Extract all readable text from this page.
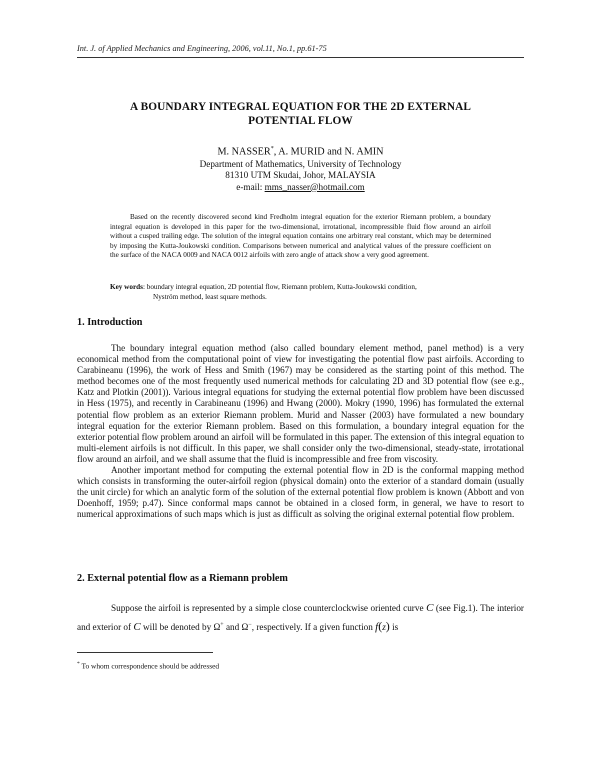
Int. J. of Applied Mechanics and Engineering, 2006, vol.11, No.1, pp.61-75
A BOUNDARY INTEGRAL EQUATION FOR THE 2D EXTERNAL
POTENTIAL FLOW
M. NASSER*, A. MURID and N. AMIN
Department of Mathematics, University of Technology
81310 UTM Skudai, Johor, MALAYSIA
e-mail: mms_nasser@hotmail.com
Based on the recently discovered second kind Fredholm integral equation for the exterior Riemann problem, a boundary integral equation is developed in this paper for the two-dimensional, irrotational, incompressible fluid flow around an airfoil without a cusped trailing edge. The solution of the integral equation contains one arbitrary real constant, which may be determined by imposing the Kutta-Joukowski condition. Comparisons between numerical and analytical values of the pressure coefficient on the surface of the NACA 0009 and NACA 0012 airfoils with zero angle of attack show a very good agreement.
Key words: boundary integral equation, 2D potential flow, Riemann problem, Kutta-Joukowski condition,
Nyström method, least square methods.
1. Introduction

The boundary integral equation method (also called boundary element method, panel method) is a very economical method from the computational point of view for investigating the potential flow past airfoils. According to Carabineanu (1996), the work of Hess and Smith (1967) may be considered as the starting point of this method. The method becomes one of the most frequently used numerical methods for calculating 2D and 3D potential flow (see e.g., Katz and Plotkin (2001)). Various integral equations for studying the external potential flow problem have been discussed in Hess (1975), and recently in Carabineanu (1996) and Hwang (2000). Mokry (1990, 1996) has formulated the external potential flow problem as an exterior Riemann problem. Murid and Nasser (2003) have formulated a new boundary integral equation for the exterior Riemann problem. Based on this formulation, a boundary integral equation for the exterior potential flow problem around an airfoil will be formulated in this paper. The extension of this integral equation to multi-element airfoils is not difficult. In this paper, we shall consider only the two-dimensional, steady-state, irrotational flow around an airfoil, and we shall assume that the fluid is incompressible and free from viscosity.

Another important method for computing the external potential flow in 2D is the conformal mapping method which consists in transforming the outer-airfoil region (physical domain) onto the exterior of a standard domain (usually the unit circle) for which an analytic form of the solution of the external potential flow problem is known (Abbott and von Doenhoff, 1959; p.47). Since conformal maps cannot be obtained in a closed form, in general, we have to resort to numerical approximations of such maps which is just as difficult as solving the original external potential flow problem.

2. External potential flow as a Riemann problem

Suppose the airfoil is represented by a simple close counterclockwise oriented curve C (see Fig.1). The interior and exterior of C will be denoted by Ω+ and Ω−, respectively. If a given function f(z) is

* To whom correspondence should be addressed
